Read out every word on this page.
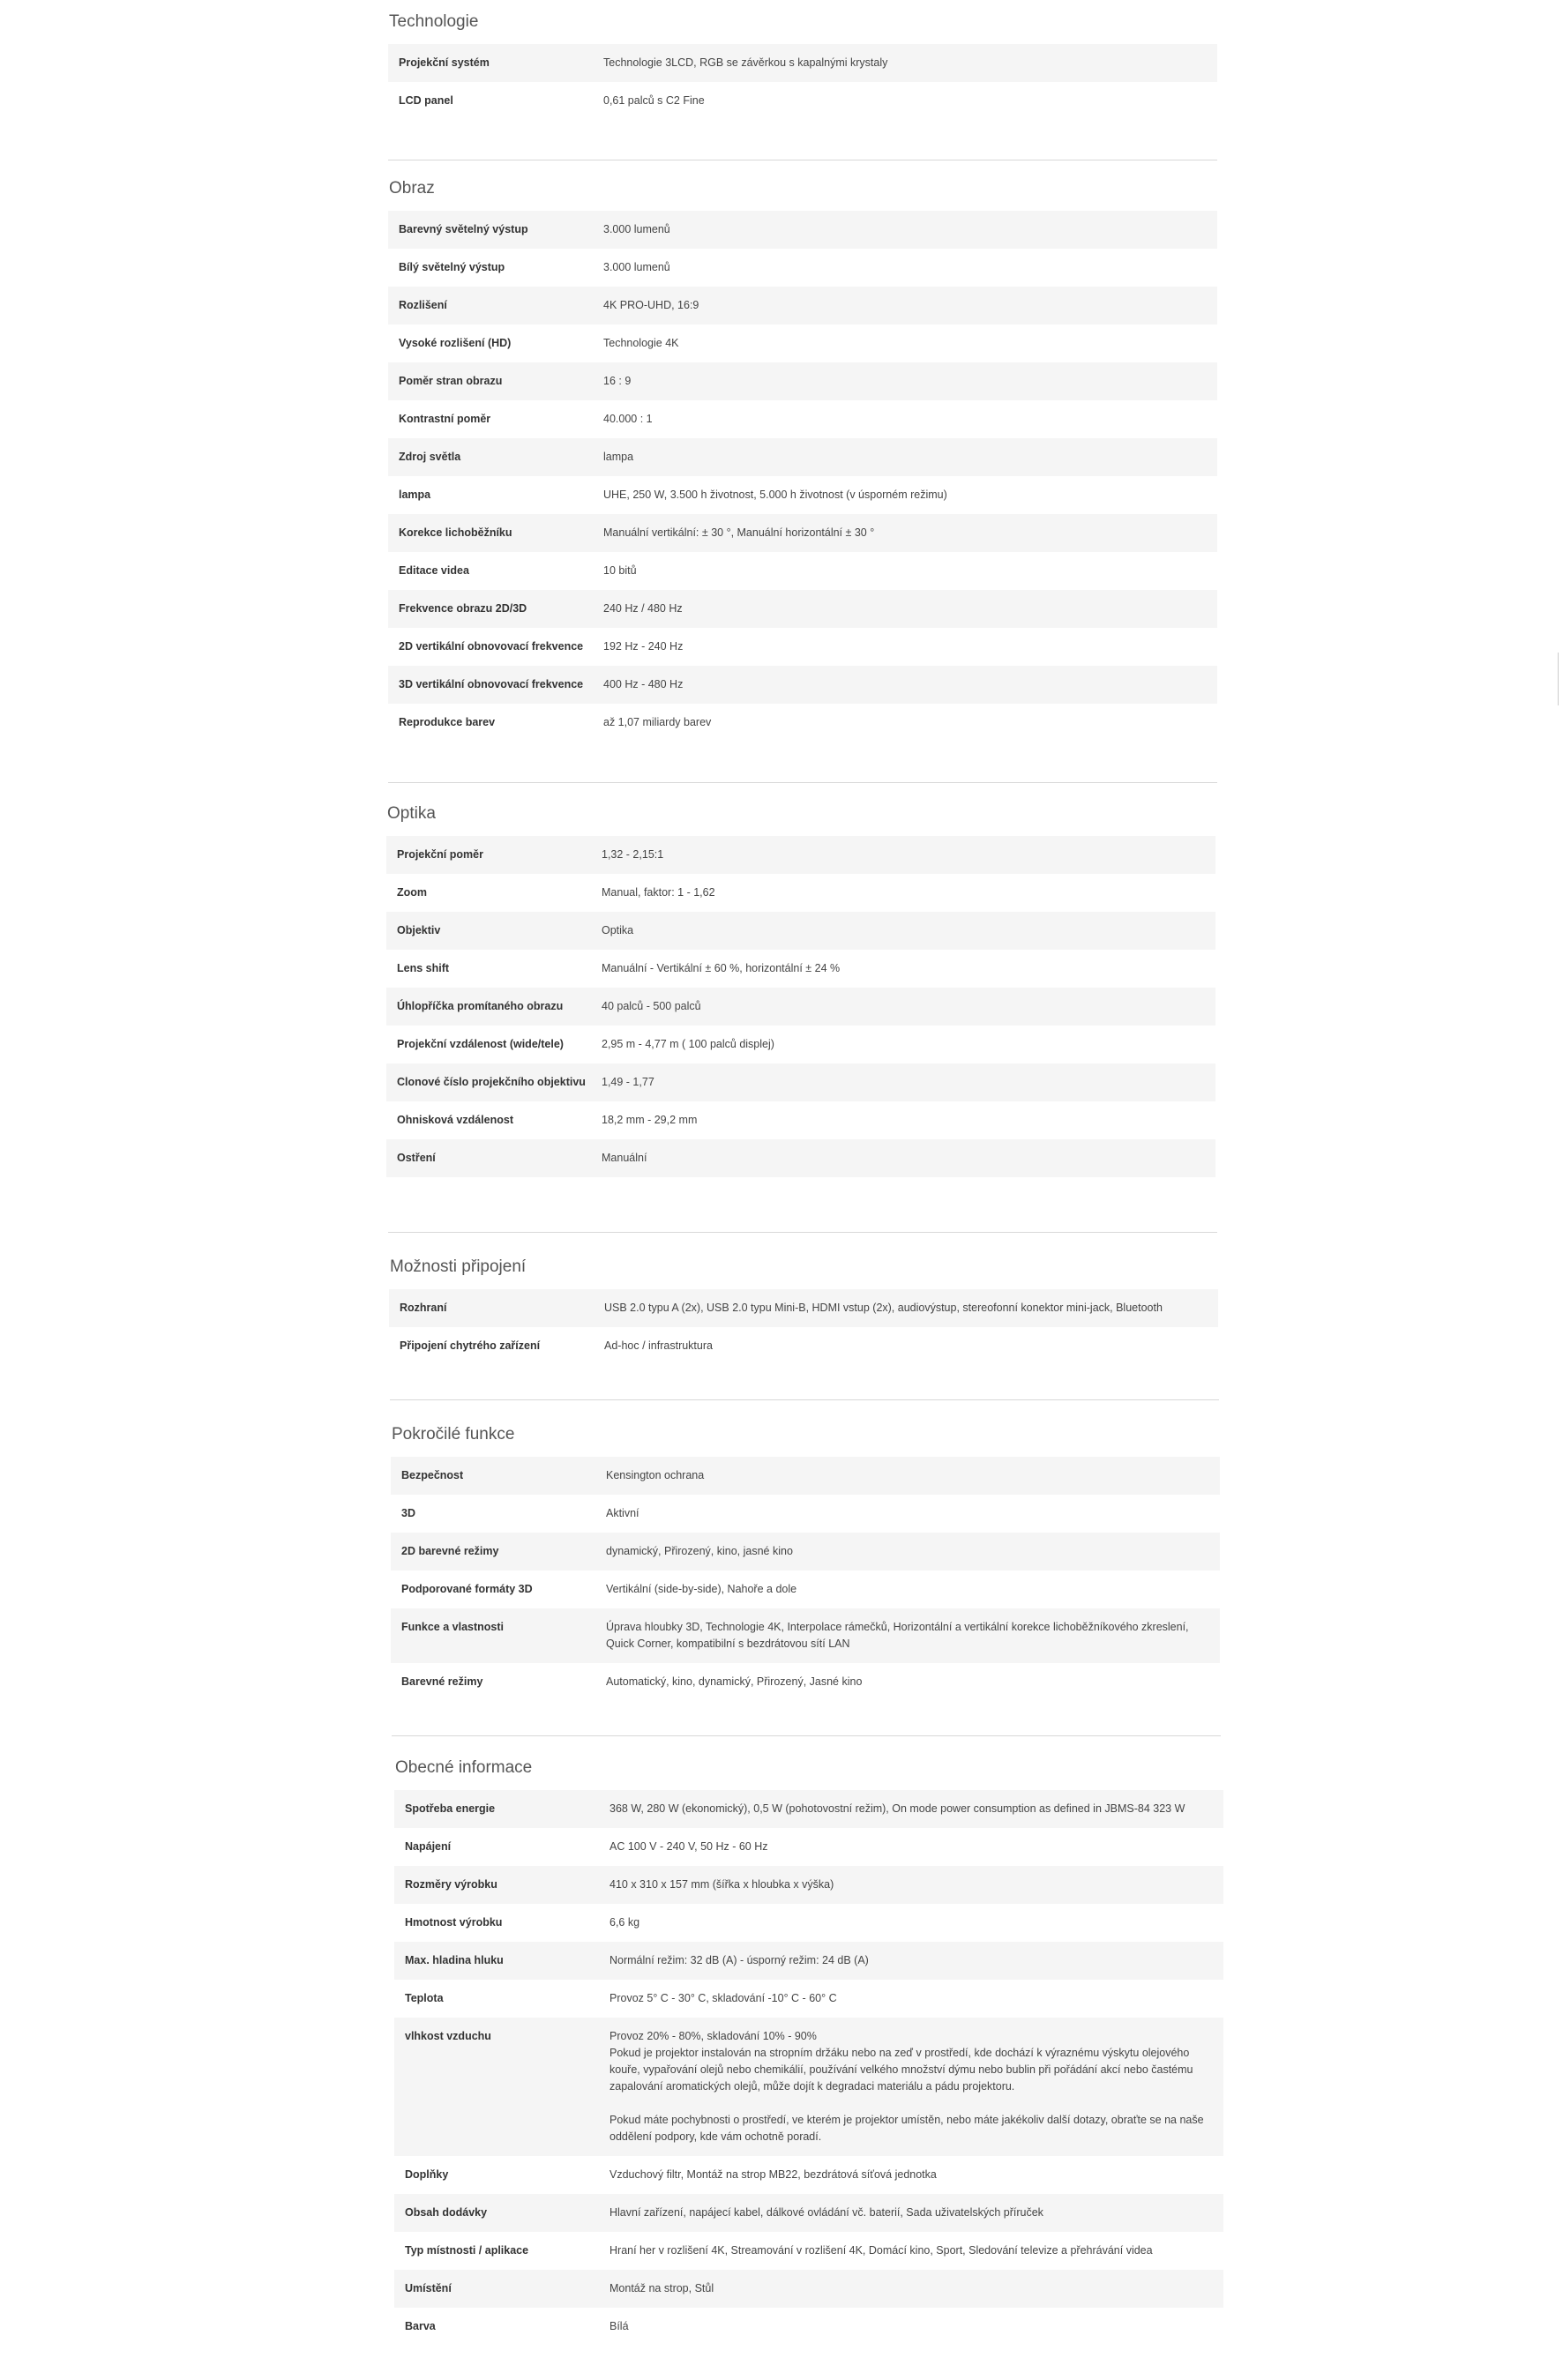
Technologie
Projekční systém	Technologie 3LCD, RGB se závěrkou s kapalnými krystaly
LCD panel	0,61 palců s C2 Fine
Obraz
Barevný světelný výstup	3.000 lumenů
Bílý světelný výstup	3.000 lumenů
Rozlišení	4K PRO-UHD, 16:9
Vysoké rozlišení (HD)	Technologie 4K
Poměr stran obrazu	16 : 9
Kontrastní poměr	40.000 : 1
Zdroj světla	lampa
lampa	UHE, 250 W, 3.500 h životnost, 5.000 h životnost (v úsporném režimu)
Korekce lichoběžníku	Manuální vertikální: ± 30 °, Manuální horizontální ± 30 °
Editace videa	10 bitů
Frekvence obrazu 2D/3D	240 Hz / 480 Hz
2D vertikální obnovovací frekvence	192 Hz - 240 Hz
3D vertikální obnovovací frekvence	400 Hz - 480 Hz
Reprodukce barev	až 1,07 miliardy barev
Optika
Projekční poměr	1,32 - 2,15:1
Zoom	Manual, faktor: 1 - 1,62
Objektiv	Optika
Lens shift	Manuální - Vertikální ± 60 %, horizontální ± 24 %
Úhlopříčka promítaného obrazu	40 palců - 500 palců
Projekční vzdálenost (wide/tele)	2,95 m - 4,77 m ( 100 palců displej)
Clonové číslo projekčního objektivu	1,49 - 1,77
Ohnisková vzdálenost	18,2 mm - 29,2 mm
Ostření	Manuální
Možnosti připojení
Rozhraní	USB 2.0 typu A (2x), USB 2.0 typu Mini-B, HDMI vstup (2x), audiovýstup, stereofonní konektor mini-jack, Bluetooth
Připojení chytrého zařízení	Ad-hoc / infrastruktura
Pokročilé funkce
Bezpečnost	Kensington ochrana
3D	Aktivní
2D barevné režimy	dynamický, Přirozený, kino, jasné kino
Podporované formáty 3D	Vertikální (side-by-side), Nahoře a dole
Funkce a vlastnosti	Úprava hloubky 3D, Technologie 4K, Interpolace rámečků, Horizontální a vertikální korekce lichoběžníkového zkreslení, Quick Corner, kompatibilní s bezdrátovou sítí LAN
Barevné režimy	Automatický, kino, dynamický, Přirozený, Jasné kino
Obecné informace
Spotřeba energie	368 W, 280 W (ekonomický), 0,5 W (pohotovostní režim), On mode power consumption as defined in JBMS-84 323 W
Napájení	AC 100 V - 240 V, 50 Hz - 60 Hz
Rozměry výrobku	410 x 310 x 157 mm (šířka x hloubka x výška)
Hmotnost výrobku	6,6 kg
Max. hladina hluku	Normální režim: 32 dB (A) - úsporný režim: 24 dB (A)
Teplota	Provoz 5° C - 30° C, skladování -10° C - 60° C
vlhkost vzduchu	Provoz 20% - 80%, skladování 10% - 90%
Pokud je projektor instalován na stropním držáku nebo na zeď v prostředí, kde dochází k výraznému výskytu olejového kouře, vypařování olejů nebo chemikálií, používání velkého množství dýmu nebo bublin při pořádání akcí nebo častému zapalování aromatických olejů, může dojít k degradaci materiálu a pádu projektoru.

Pokud máte pochybnosti o prostředí, ve kterém je projektor umístěn, nebo máte jakékoliv další dotazy, obraťte se na naše oddělení podpory, kde vám ochotně poradí.
Doplňky	Vzduchový filtr, Montáž na strop MB22, bezdrátová síťová jednotka
Obsah dodávky	Hlavní zařízení, napájecí kabel, dálkové ovládání vč. baterií, Sada uživatelských příruček
Typ místnosti / aplikace	Hraní her v rozlišení 4K, Streamování v rozlišení 4K, Domácí kino, Sport, Sledování televize a přehrávání videa
Umístění	Montáž na strop, Stůl
Barva	Bílá
